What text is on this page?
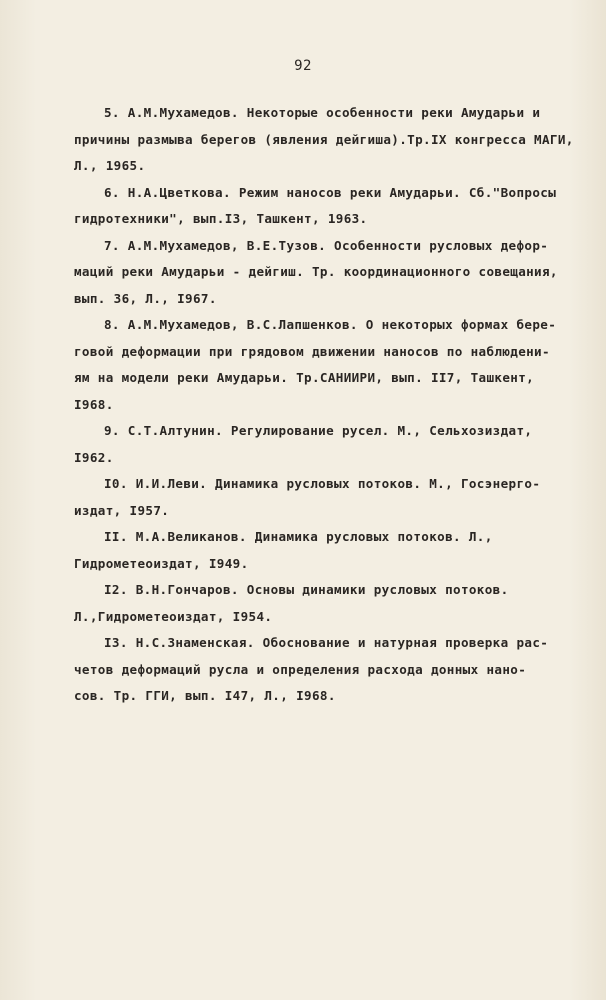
92
5. А.М.Мухамедов. Некоторые особенности реки Амударьи и
причины размыва берегов (явления дейгиша).Тр.IX конгресса МАГИ,
Л., 1965.
6. Н.А.Цветкова. Режим наносов реки Амударьи. Сб."Вопросы
гидротехники", вып.I3, Ташкент, 1963.
7. А.М.Мухамедов, В.Е.Тузов. Особенности русловых дефор-
маций реки Амударьи - дейгиш. Тр. координационного совещания,
вып. 36, Л., I967.
8. А.М.Мухамедов, В.С.Лапшенков. О некоторых формах бере-
говой деформации при грядовом движении наносов по наблюдени-
ям на модели реки Амударьи. Тр.САНИИРИ, вып. II7, Ташкент,
I968.
9. С.Т.Алтунин. Регулирование русел. М., Сельхозиздат,
I962.
I0. И.И.Леви. Динамика русловых потоков. М., Госэнерго-
издат, I957.
II. М.А.Великанов. Динамика русловых потоков. Л.,
Гидрометеоиздат, I949.
I2. В.Н.Гончаров. Основы динамики русловых потоков.
Л.,Гидрометеоиздат, I954.
I3. Н.С.Знаменская. Обоснование и натурная проверка рас-
четов деформаций русла и определения расхода донных нано-
сов. Тр. ГГИ, вып. I47, Л., I968.
